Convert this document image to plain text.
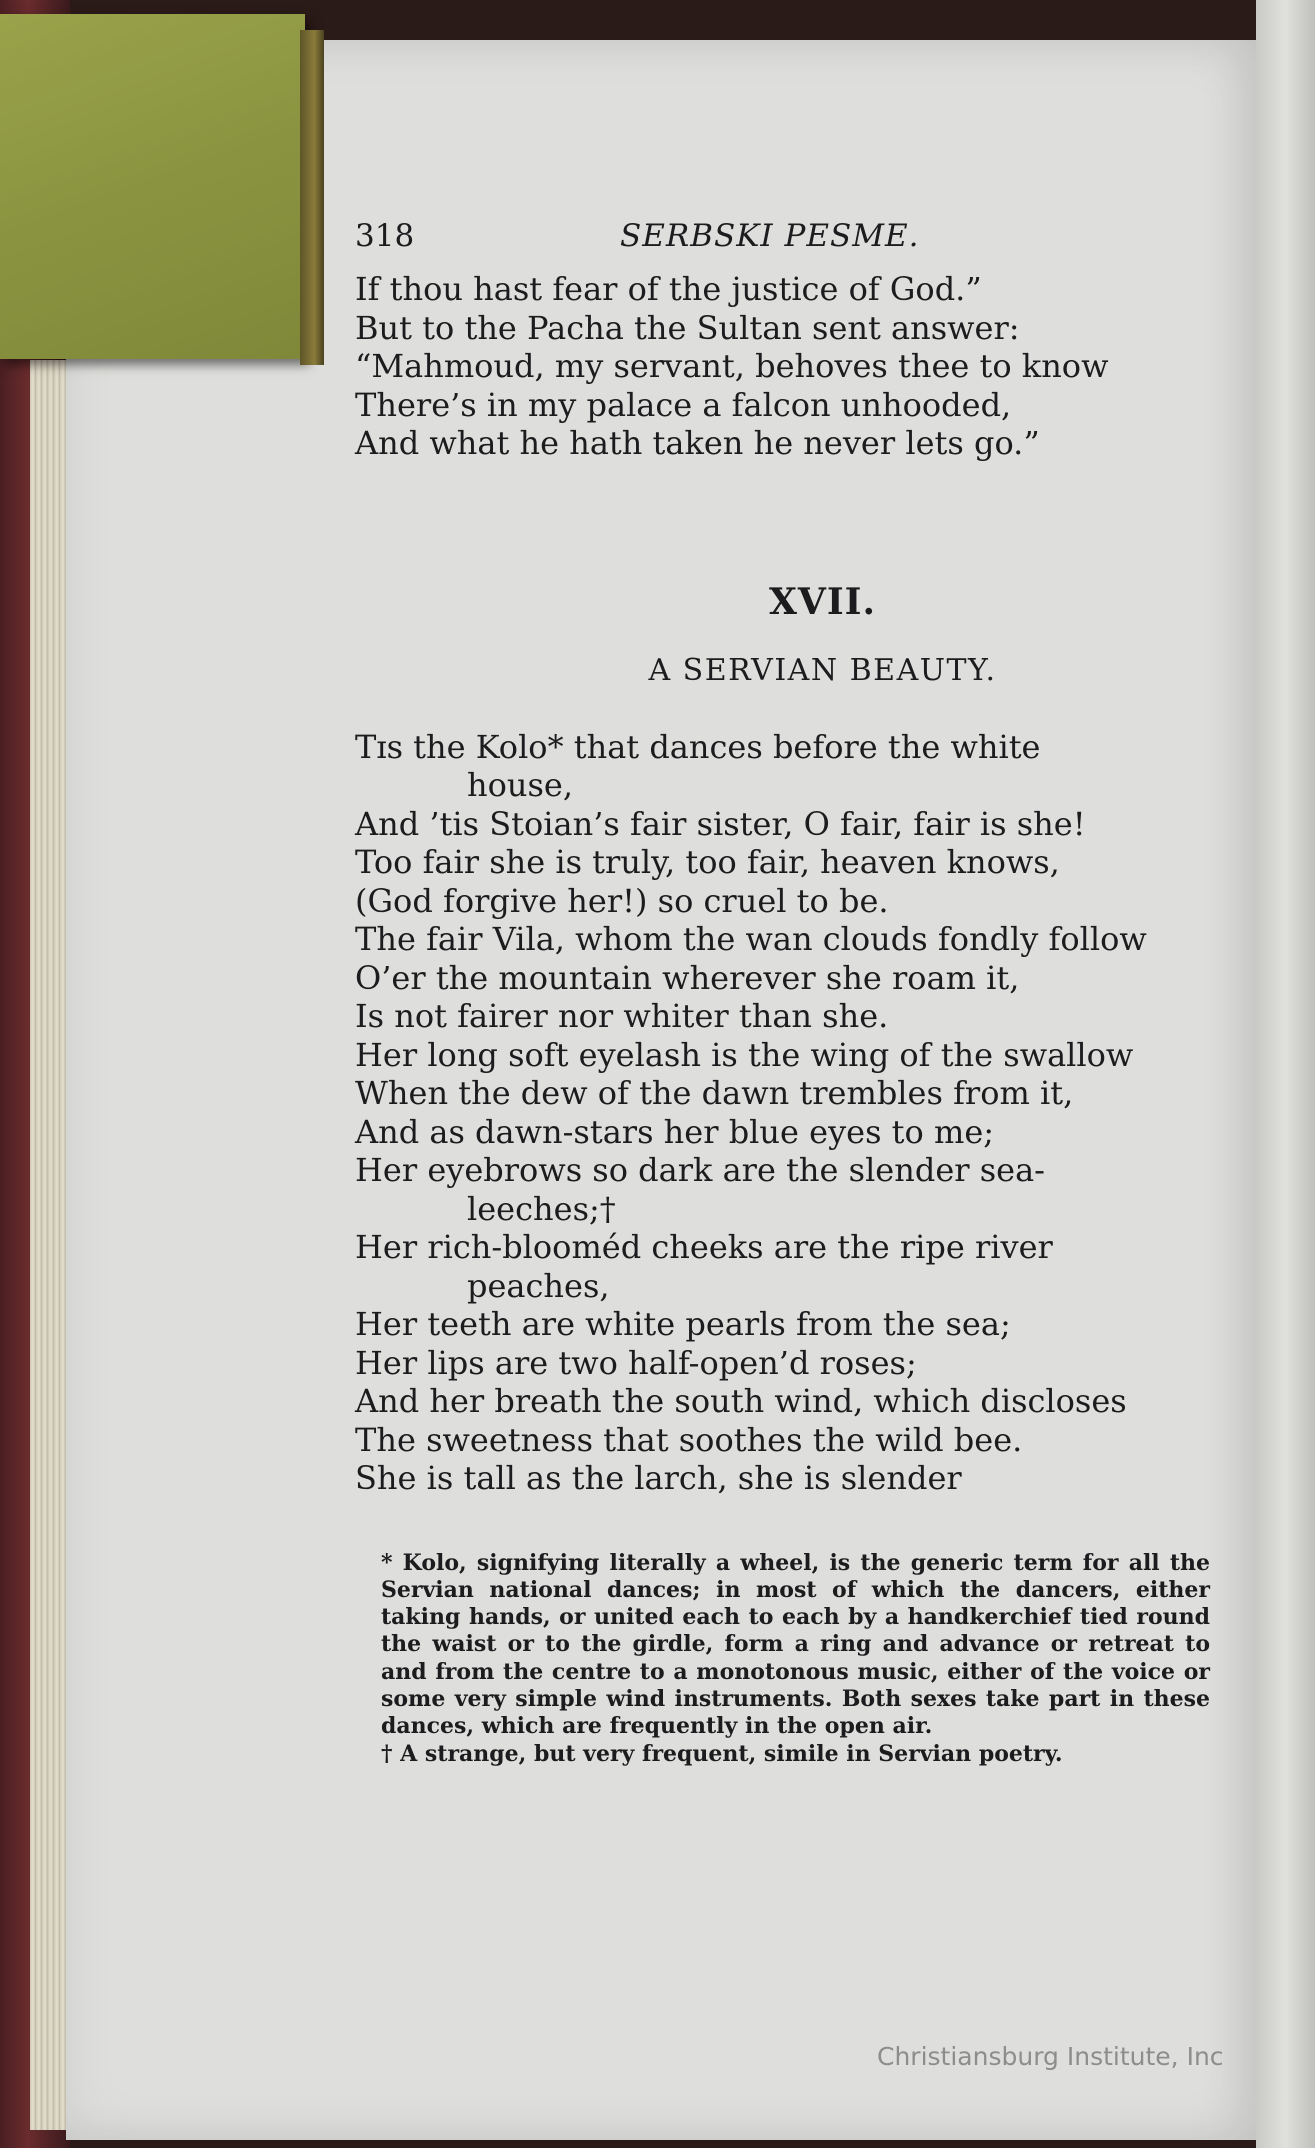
318	SERBSKI PESME.
If thou hast fear of the justice of God.”
But to the Pacha the Sultan sent answer:
“Mahmoud, my servant, behoves thee to know
There’s in my palace a falcon unhooded,
And what he hath taken he never lets go.”
XVII.
A SERVIAN BEAUTY.
Tɪs the Kolo* that dances before the white
house,
And ’tis Stoian’s fair sister, O fair, fair is she!
Too fair she is truly, too fair, heaven knows,
(God forgive her!) so cruel to be.
The fair Vila, whom the wan clouds fondly follow
O’er the mountain wherever she roam it,
Is not fairer nor whiter than she.
Her long soft eyelash is the wing of the swallow
When the dew of the dawn trembles from it,
And as dawn-stars her blue eyes to me;
Her eyebrows so dark are the slender sea-
leeches;†
Her rich-blooméd cheeks are the ripe river
peaches,
Her teeth are white pearls from the sea;
Her lips are two half-open’d roses;
And her breath the south wind, which discloses
The sweetness that soothes the wild bee.
She is tall as the larch, she is slender
* Kolo, signifying literally a wheel, is the generic term for all the Servian national dances; in most of which the dancers, either taking hands, or united each to each by a handkerchief tied round the waist or to the girdle, form a ring and advance or retreat to and from the centre to a monotonous music, either of the voice or some very simple wind instruments. Both sexes take part in these dances, which are frequently in the open air.
† A strange, but very frequent, simile in Servian poetry.
Christiansburg Institute, Inc
